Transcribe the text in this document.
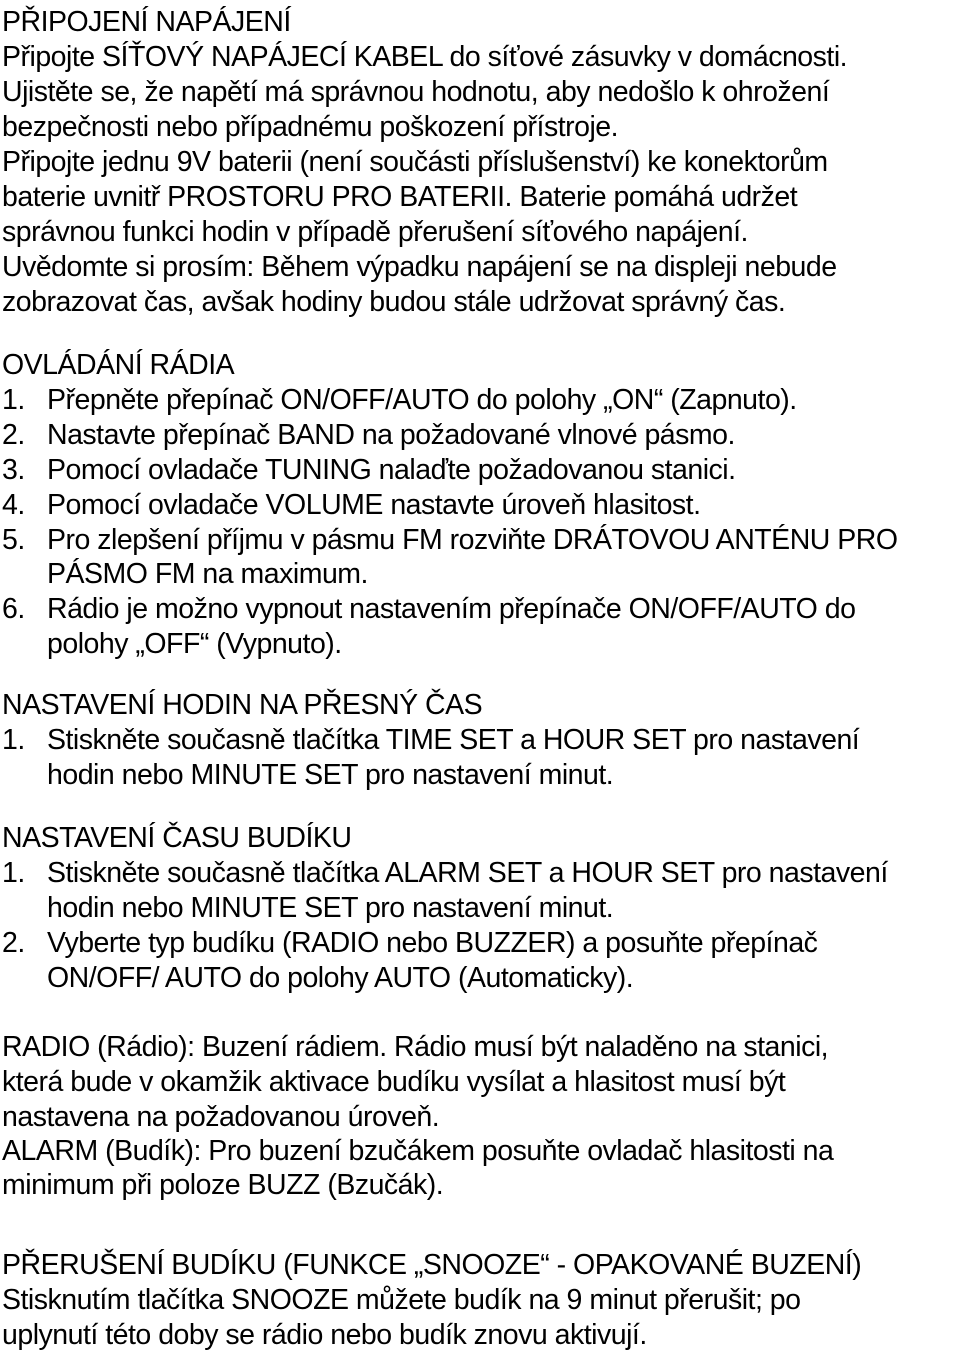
PŘIPOJENÍ NAPÁJENÍ
Připojte SÍŤOVÝ NAPÁJECÍ KABEL do síťové zásuvky v domácnosti.
Ujistěte se, že napětí má správnou hodnotu, aby nedošlo k ohrožení
bezpečnosti nebo případnému poškození přístroje.
Připojte jednu 9V baterii (není součásti příslušenství) ke konektorům
baterie uvnitř PROSTORU PRO BATERII. Baterie pomáhá udržet
správnou funkci hodin v případě přerušení síťového napájení.
Uvědomte si prosím: Během výpadku napájení se na displeji nebude
zobrazovat čas, avšak hodiny budou stále udržovat správný čas.
OVLÁDÁNÍ RÁDIA
1. Přepněte přepínač ON/OFF/AUTO do polohy „ON“ (Zapnuto).
2. Nastavte přepínač BAND na požadované vlnové pásmo.
3. Pomocí ovladače TUNING nalaďte požadovanou stanici.
4. Pomocí ovladače VOLUME nastavte úroveň hlasitost.
5. Pro zlepšení příjmu v pásmu FM rozviňte DRÁTOVOU ANTÉNU PRO
PÁSMO FM na maximum.
6. Rádio je možno vypnout nastavením přepínače ON/OFF/AUTO do
polohy „OFF“ (Vypnuto).
NASTAVENÍ HODIN NA PŘESNÝ ČAS
1. Stiskněte současně tlačítka TIME SET a HOUR SET pro nastavení
hodin nebo MINUTE SET pro nastavení minut.
NASTAVENÍ ČASU BUDÍKU
1. Stiskněte současně tlačítka ALARM SET a HOUR SET pro nastavení
hodin nebo MINUTE SET pro nastavení minut.
2. Vyberte typ budíku (RADIO nebo BUZZER) a posuňte přepínač
ON/OFF/ AUTO do polohy AUTO (Automaticky).
RADIO (Rádio): Buzení rádiem. Rádio musí být naladěno na stanici,
která bude v okamžik aktivace budíku vysílat a hlasitost musí být
nastavena na požadovanou úroveň.
ALARM (Budík): Pro buzení bzučákem posuňte ovladač hlasitosti na
minimum při poloze BUZZ (Bzučák).
PŘERUŠENÍ BUDÍKU (FUNKCE „SNOOZE“ - OPAKOVANÉ BUZENÍ)
Stisknutím tlačítka SNOOZE můžete budík na 9 minut přerušit; po
uplynutí této doby se rádio nebo budík znovu aktivují.
